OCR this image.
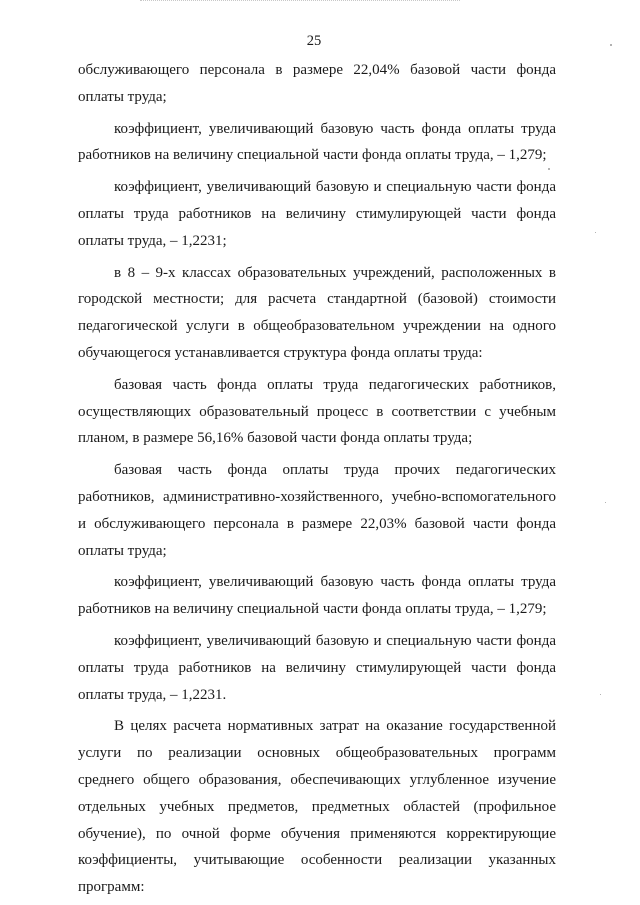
25

обслуживающего персонала в размере 22,04% базовой части фонда оплаты труда;

коэффициент, увеличивающий базовую часть фонда оплаты труда работников на величину специальной части фонда оплаты труда, – 1,279;

коэффициент, увеличивающий базовую и специальную части фонда оплаты труда работников на величину стимулирующей части фонда оплаты труда, – 1,2231;

в 8 – 9-х классах образовательных учреждений, расположенных в городской местности; для расчета стандартной (базовой) стоимости педагогической услуги в общеобразовательном учреждении на одного обучающегося устанавливается структура фонда оплаты труда:

базовая часть фонда оплаты труда педагогических работников, осуществляющих образовательный процесс в соответствии с учебным планом, в размере 56,16% базовой части фонда оплаты труда;

базовая часть фонда оплаты труда прочих педагогических работников, административно-хозяйственного, учебно-вспомогательного и обслуживающего персонала в размере 22,03% базовой части фонда оплаты труда;

коэффициент, увеличивающий базовую часть фонда оплаты труда работников на величину специальной части фонда оплаты труда, – 1,279;

коэффициент, увеличивающий базовую и специальную части фонда оплаты труда работников на величину стимулирующей части фонда оплаты труда, – 1,2231.

В целях расчета нормативных затрат на оказание государственной услуги по реализации основных общеобразовательных программ среднего общего образования, обеспечивающих углубленное изучение отдельных учебных предметов, предметных областей (профильное обучение), по очной форме обучения применяются корректирующие коэффициенты, учитывающие особенности реализации указанных программ:
